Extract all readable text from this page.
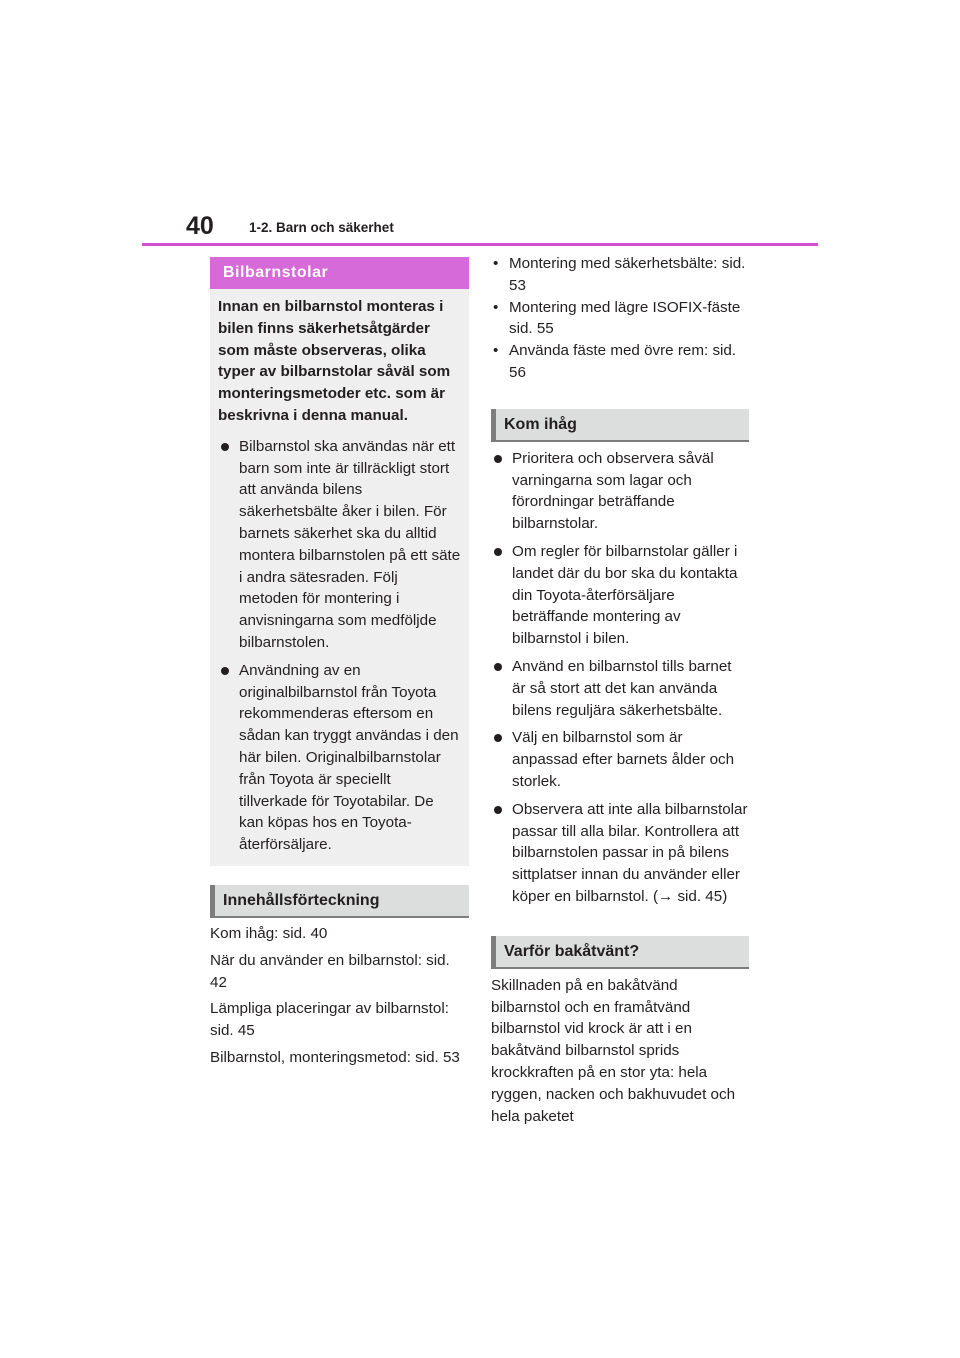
40	1-2. Barn och säkerhet
Bilbarnstolar

Innan en bilbarnstol monteras i bilen finns säkerhetsåtgärder som måste observeras, olika typer av bilbarnstolar såväl som monteringsmetoder etc. som är beskrivna i denna manual.

Bilbarnstol ska användas när ett barn som inte är tillräckligt stort att använda bilens säkerhetsbälte åker i bilen. För barnets säkerhet ska du alltid montera bilbarnstolen på ett säte i andra sätesraden. Följ metoden för montering i anvisningarna som medföljde bilbarnstolen.
Användning av en originalbilbarnstol från Toyota rekommenderas eftersom en sådan kan tryggt användas i den här bilen. Originalbilbarnstolar från Toyota är speciellt tillverkade för Toyotabilar. De kan köpas hos en Toyota-återförsäljare.
Innehållsförteckning

Kom ihåg: sid. 40

När du använder en bilbarnstol: sid. 42

Lämpliga placeringar av bilbarnstol: sid. 45

Bilbarnstol, monteringsmetod: sid. 53

• Montering med säkerhetsbälte: sid. 53
• Montering med lägre ISOFIX-fäste sid. 55
• Använda fäste med övre rem: sid. 56
Kom ihåg
Prioritera och observera såväl varningarna som lagar och förordningar beträffande bilbarnstolar.
Om regler för bilbarnstolar gäller i landet där du bor ska du kontakta din Toyota-återförsäljare beträffande montering av bilbarnstol i bilen.
Använd en bilbarnstol tills barnet är så stort att det kan använda bilens reguljära säkerhetsbälte.
Välj en bilbarnstol som är anpassad efter barnets ålder och storlek.
Observera att inte alla bilbarnstolar passar till alla bilar. Kontrollera att bilbarnstolen passar in på bilens sittplatser innan du använder eller köper en bilbarnstol. (→ sid. 45)
Varför bakåtvänt?

Skillnaden på en bakåtvänd bilbarnstol och en framåtvänd bilbarnstol vid krock är att i en bakåtvänd bilbarnstol sprids krockkraften på en stor yta: hela ryggen, nacken och bakhuvudet och hela paketet
